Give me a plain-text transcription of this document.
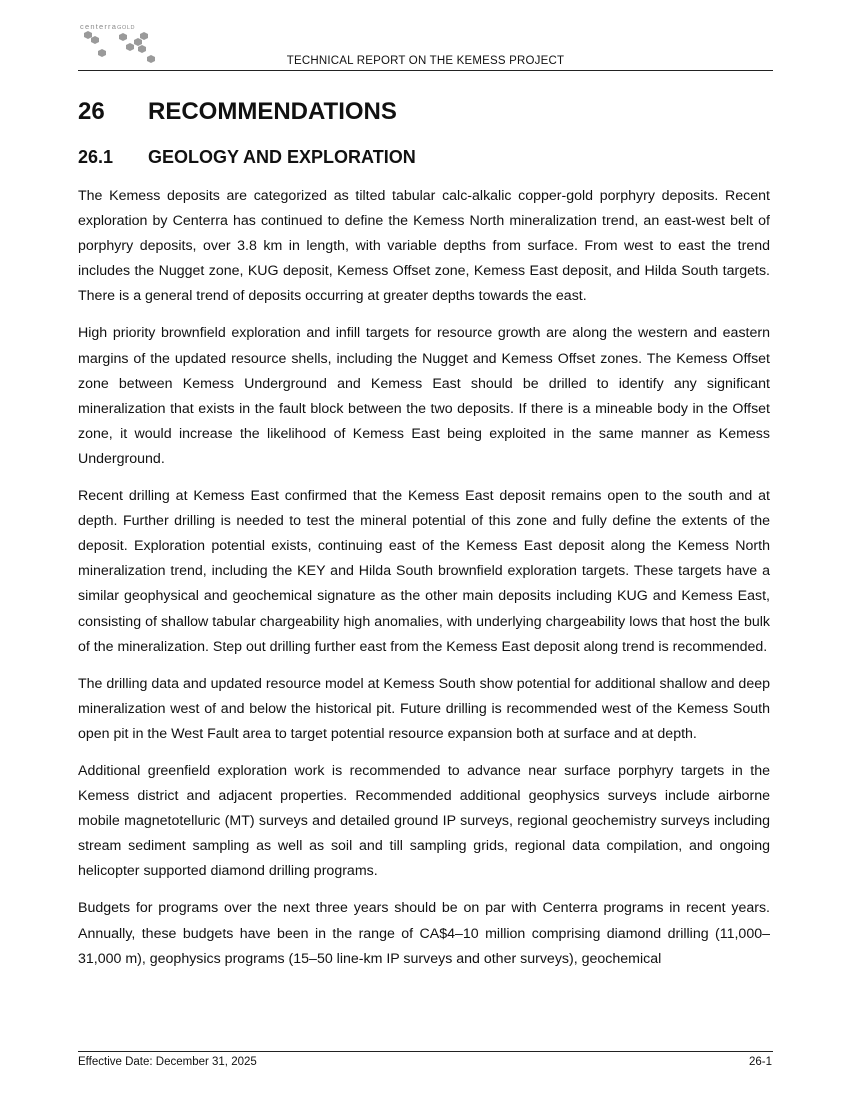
centerraGOLD
TECHNICAL REPORT ON THE KEMESS PROJECT
26 RECOMMENDATIONS
26.1 GEOLOGY AND EXPLORATION

The Kemess deposits are categorized as tilted tabular calc-alkalic copper-gold porphyry deposits. Recent exploration by Centerra has continued to define the Kemess North mineralization trend, an east-west belt of porphyry deposits, over 3.8 km in length, with variable depths from surface. From west to east the trend includes the Nugget zone, KUG deposit, Kemess Offset zone, Kemess East deposit, and Hilda South targets. There is a general trend of deposits occurring at greater depths towards the east.

High priority brownfield exploration and infill targets for resource growth are along the western and eastern margins of the updated resource shells, including the Nugget and Kemess Offset zones. The Kemess Offset zone between Kemess Underground and Kemess East should be drilled to identify any significant mineralization that exists in the fault block between the two deposits. If there is a mineable body in the Offset zone, it would increase the likelihood of Kemess East being exploited in the same manner as Kemess Underground.

Recent drilling at Kemess East confirmed that the Kemess East deposit remains open to the south and at depth. Further drilling is needed to test the mineral potential of this zone and fully define the extents of the deposit. Exploration potential exists, continuing east of the Kemess East deposit along the Kemess North mineralization trend, including the KEY and Hilda South brownfield exploration targets. These targets have a similar geophysical and geochemical signature as the other main deposits including KUG and Kemess East, consisting of shallow tabular chargeability high anomalies, with underlying chargeability lows that host the bulk of the mineralization. Step out drilling further east from the Kemess East deposit along trend is recommended.

The drilling data and updated resource model at Kemess South show potential for additional shallow and deep mineralization west of and below the historical pit. Future drilling is recommended west of the Kemess South open pit in the West Fault area to target potential resource expansion both at surface and at depth.

Additional greenfield exploration work is recommended to advance near surface porphyry targets in the Kemess district and adjacent properties. Recommended additional geophysics surveys include airborne mobile magnetotelluric (MT) surveys and detailed ground IP surveys, regional geochemistry surveys including stream sediment sampling as well as soil and till sampling grids, regional data compilation, and ongoing helicopter supported diamond drilling programs.

Budgets for programs over the next three years should be on par with Centerra programs in recent years. Annually, these budgets have been in the range of CA$4–10 million comprising diamond drilling (11,000–31,000 m), geophysics programs (15–50 line-km IP surveys and other surveys), geochemical

Effective Date: December 31, 2025	26-1
